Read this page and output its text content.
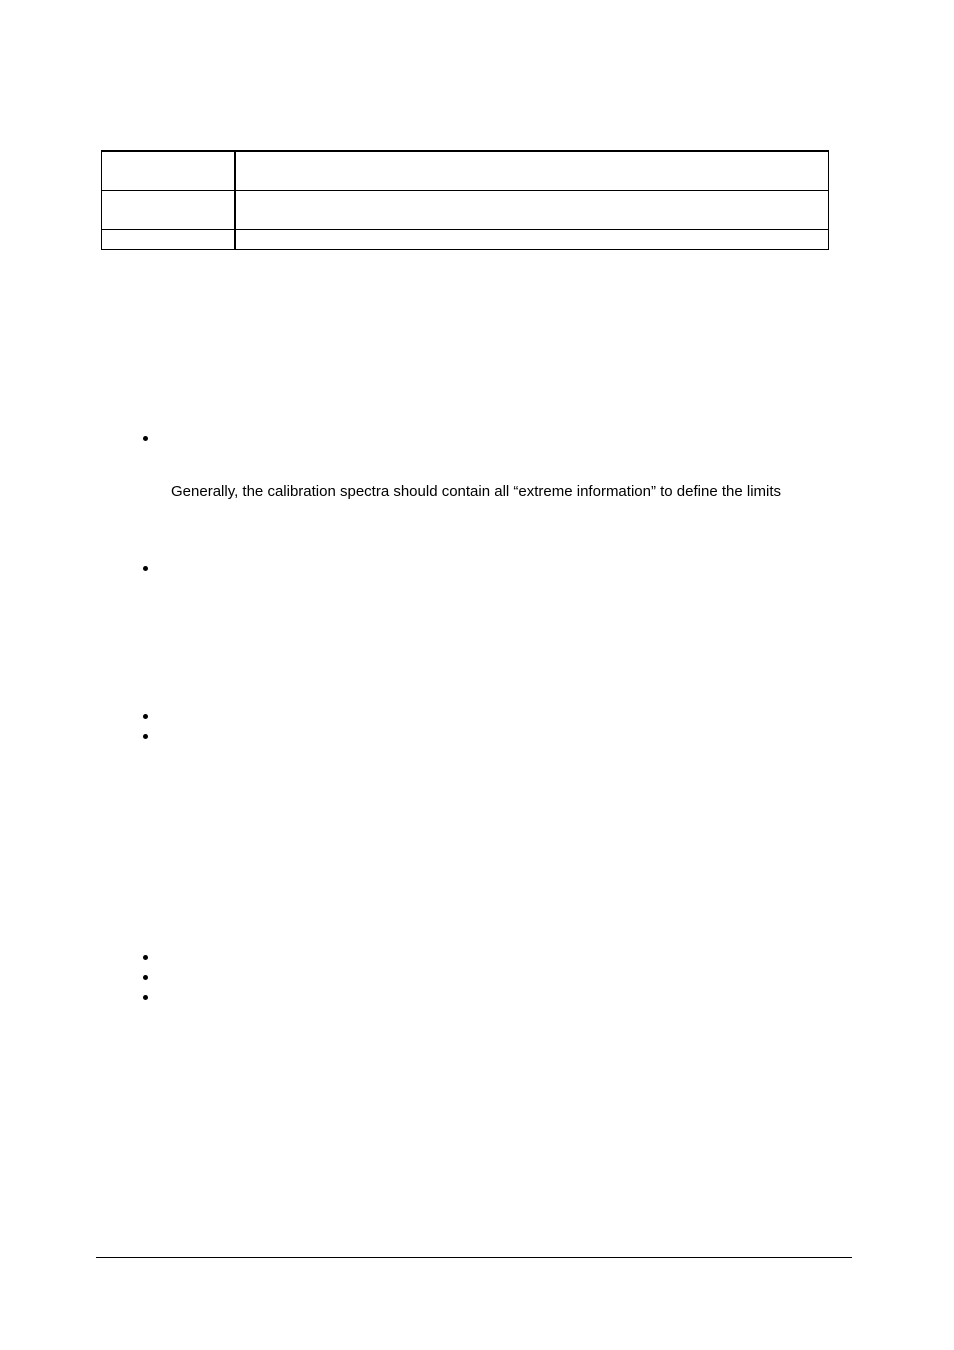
Generally, the calibration spectra should contain all “extreme information” to define the limits
